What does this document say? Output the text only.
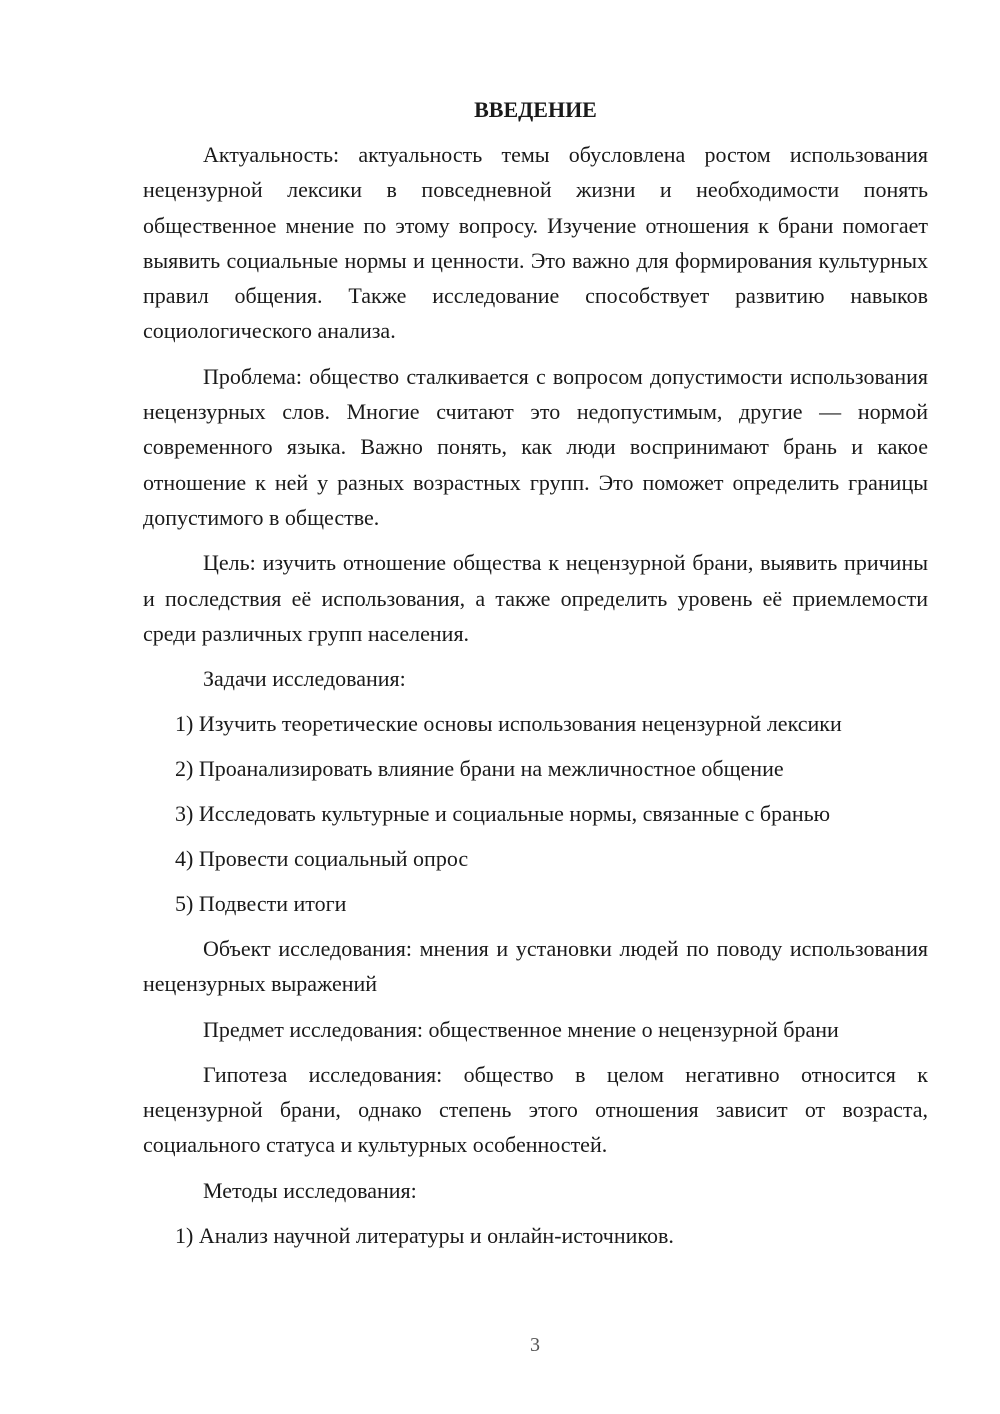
ВВЕДЕНИЕ

Актуальность: актуальность темы обусловлена ростом использования нецензурной лексики в повседневной жизни и необходимости понять общественное мнение по этому вопросу. Изучение отношения к брани помогает выявить социальные нормы и ценности. Это важно для формирования культурных правил общения. Также исследование способствует развитию навыков социологического анализа.

Проблема: общество сталкивается с вопросом допустимости использования нецензурных слов. Многие считают это недопустимым, другие — нормой современного языка. Важно понять, как люди воспринимают брань и какое отношение к ней у разных возрастных групп. Это поможет определить границы допустимого в обществе.

Цель: изучить отношение общества к нецензурной брани, выявить причины и последствия её использования, а также определить уровень её приемлемости среди различных групп населения.

Задачи исследования:

1) Изучить теоретические основы использования нецензурной лексики
2) Проанализировать влияние брани на межличностное общение
3) Исследовать культурные и социальные нормы, связанные с бранью
4) Провести социальный опрос
5) Подвести итоги

Объект исследования: мнения и установки людей по поводу использования нецензурных выражений

Предмет исследования: общественное мнение о нецензурной брани

Гипотеза исследования: общество в целом негативно относится к нецензурной брани, однако степень этого отношения зависит от возраста, социального статуса и культурных особенностей.

Методы исследования:

1) Анализ научной литературы и онлайн-источников.
3
